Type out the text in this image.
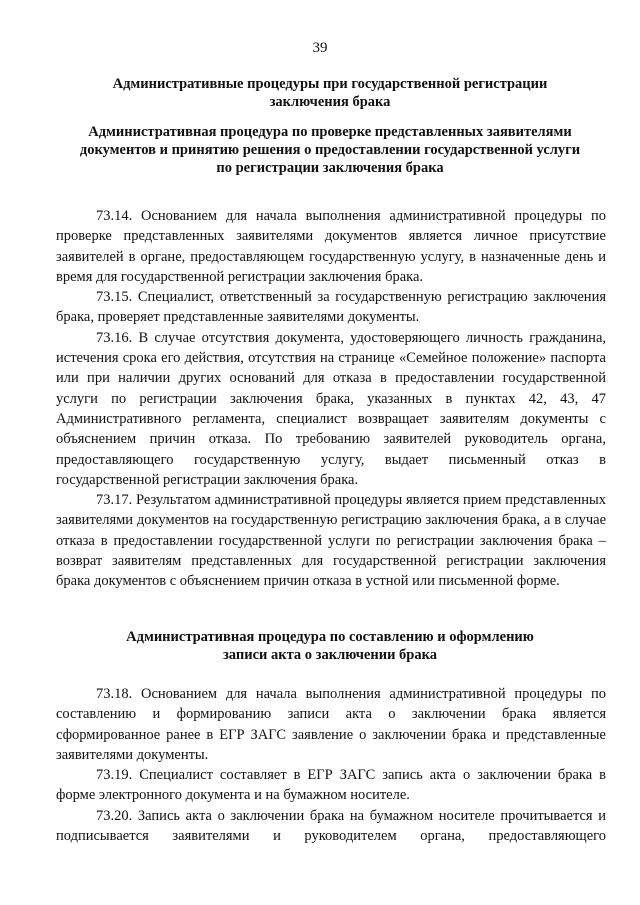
39
Административные процедуры при государственной регистрации
заключения брака
Административная процедура по проверке представленных заявителями
документов и принятию решения о предоставлении государственной услуги
по регистрации заключения брака

73.14. Основанием для начала выполнения административной процедуры по проверке представленных заявителями документов является личное присутствие заявителей в органе, предоставляющем государственную услугу, в назначенные день и время для государственной регистрации заключения брака.

73.15. Специалист, ответственный за государственную регистрацию заключения брака, проверяет представленные заявителями документы.

73.16. В случае отсутствия документа, удостоверяющего личность гражданина, истечения срока его действия, отсутствия на странице «Семейное положение» паспорта или при наличии других оснований для отказа в предоставлении государственной услуги по регистрации заключения брака, указанных в пунктах 42, 43, 47 Административного регламента, специалист возвращает заявителям документы с объяснением причин отказа. По требованию заявителей руководитель органа, предоставляющего государственную услугу, выдает письменный отказ в государственной регистрации заключения брака.

73.17. Результатом административной процедуры является прием представленных заявителями документов на государственную регистрацию заключения брака, а в случае отказа в предоставлении государственной услуги по регистрации заключения брака – возврат заявителям представленных для государственной регистрации заключения брака документов с объяснением причин отказа в устной или письменной форме.

Административная процедура по составлению и оформлению
записи акта о заключении брака

73.18. Основанием для начала выполнения административной процедуры по составлению и формированию записи акта о заключении брака является сформированное ранее в ЕГР ЗАГС заявление о заключении брака и представленные заявителями документы.

73.19. Специалист составляет в ЕГР ЗАГС запись акта о заключении брака в форме электронного документа и на бумажном носителе.

73.20. Запись акта о заключении брака на бумажном носителе прочитывается и подписывается заявителями и руководителем органа, предоставляющего
